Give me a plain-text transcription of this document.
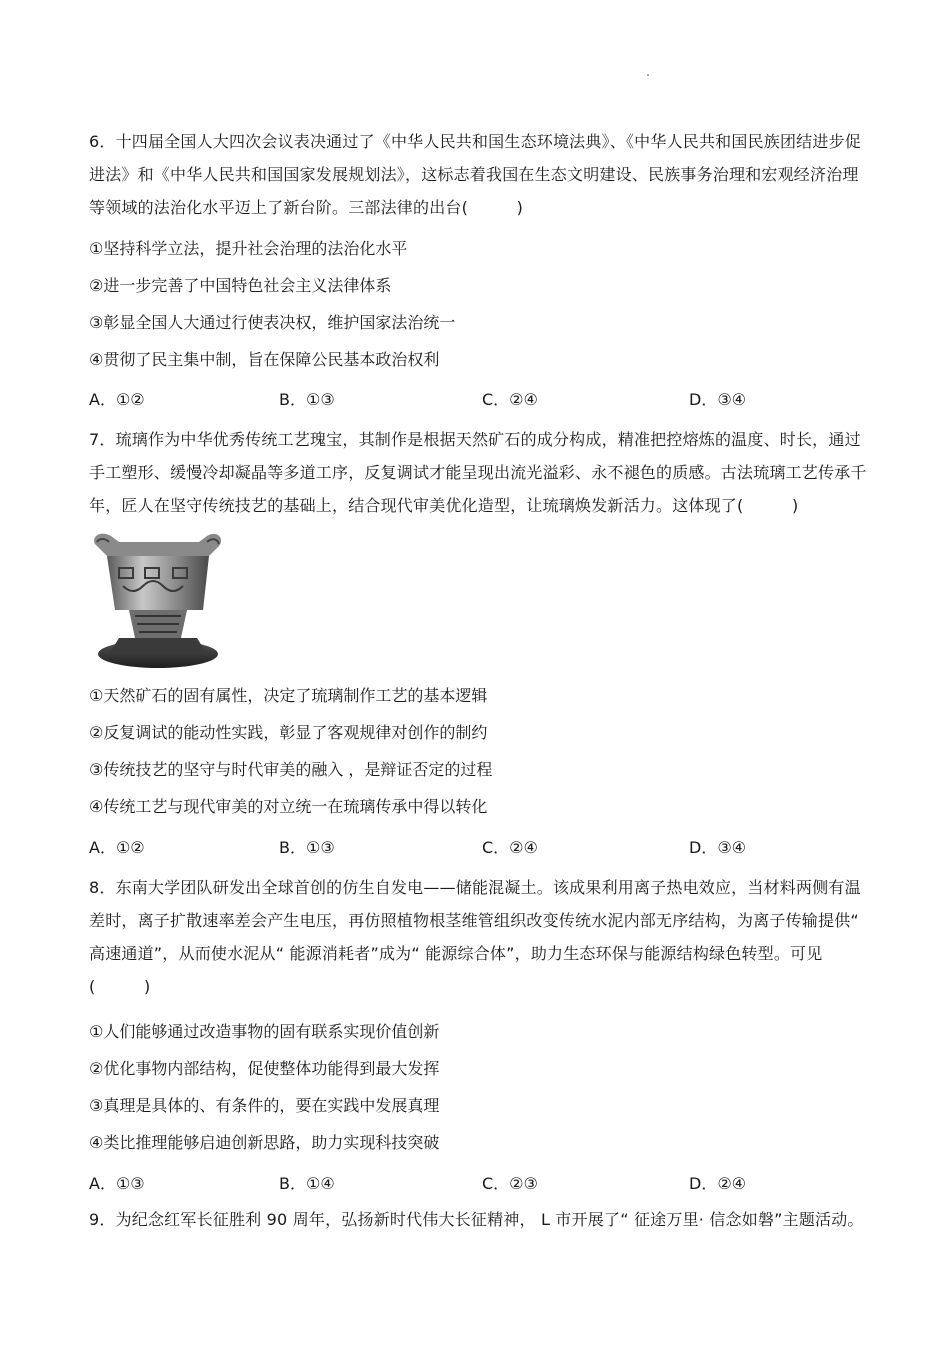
6．十四届全国人大四次会议表决通过了《中华人民共和国生态环境法典》、《中华人民共和国民族团结进步促进法》和《中华人民共和国国家发展规划法》，这标志着我国在生态文明建设、民族事务治理和宏观经济治理等领域的法治化水平迈上了新台阶。三部法律的出台(　　　)
①坚持科学立法，提升社会治理的法治化水平
②进一步完善了中国特色社会主义法律体系
③彰显全国人大通过行使表决权，维护国家法治统一
④贯彻了民主集中制，旨在保障公民基本政治权利
A．①②	B．①③	C．②④	D．③④
7．琉璃作为中华优秀传统工艺瑰宝，其制作是根据天然矿石的成分构成，精准把控熔炼的温度、时长，通过手工塑形、缓慢冷却凝晶等多道工序，反复调试才能呈现出流光溢彩、永不褪色的质感。古法琉璃工艺传承千年，匠人在坚守传统技艺的基础上，结合现代审美优化造型，让琉璃焕发新活力。这体现了(　　　)
①天然矿石的固有属性，决定了琉璃制作工艺的基本逻辑
②反复调试的能动性实践，彰显了客观规律对创作的制约
③传统技艺的坚守与时代审美的融入 ，是辩证否定的过程
④传统工艺与现代审美的对立统一在琉璃传承中得以转化
A．①②	B．①③	C．②④	D．③④
8．东南大学团队研发出全球首创的仿生自发电——储能混凝土。该成果利用离子热电效应，当材料两侧有温差时，离子扩散速率差会产生电压，再仿照植物根茎维管组织改变传统水泥内部无序结构，为离子传输提供“ 高速通道”，从而使水泥从“ 能源消耗者”成为“ 能源综合体”，助力生态环保与能源结构绿色转型。可见(　　　)
①人们能够通过改造事物的固有联系实现价值创新
②优化事物内部结构，促使整体功能得到最大发挥
③真理是具体的、有条件的，要在实践中发展真理
④类比推理能够启迪创新思路，助力实现科技突破
A．①③	B．①④	C．②③	D．②④
9．为纪念红军长征胜利 90 周年，弘扬新时代伟大长征精神， L 市开展了“ 征途万里· 信念如磐”主题活动。
